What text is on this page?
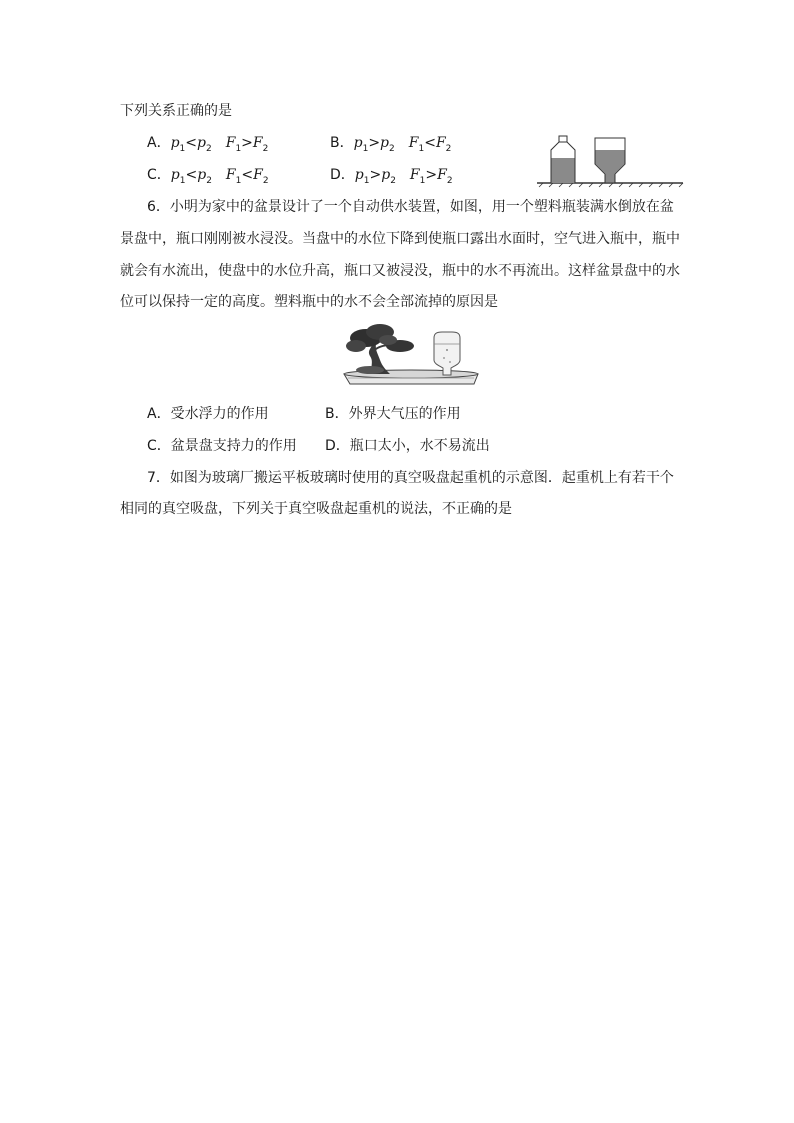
下列关系正确的是
A．$p_1<p_2$ $F_1>F_2$	B．$p_1>p_2$ $F_1<F_2$
C．$p_1<p_2$ $F_1<F_2$	D．$p_1>p_2$ $F_1>F_2$
6．小明为家中的盆景设计了一个自动供水装置，如图，用一个塑料瓶装满水倒放在盆
景盘中，瓶口刚刚被水浸没。当盘中的水位下降到使瓶口露出水面时，空气进入瓶中，瓶中
就会有水流出，使盘中的水位升高，瓶口又被浸没，瓶中的水不再流出。这样盆景盘中的水
位可以保持一定的高度。塑料瓶中的水不会全部流掉的原因是
A．受水浮力的作用	B．外界大气压的作用
C．盆景盘支持力的作用 D．瓶口太小，水不易流出
7．如图为玻璃厂搬运平板玻璃时使用的真空吸盘起重机的示意图．起重机上有若干个
相同的真空吸盘，下列关于真空吸盘起重机的说法，不正确的是
